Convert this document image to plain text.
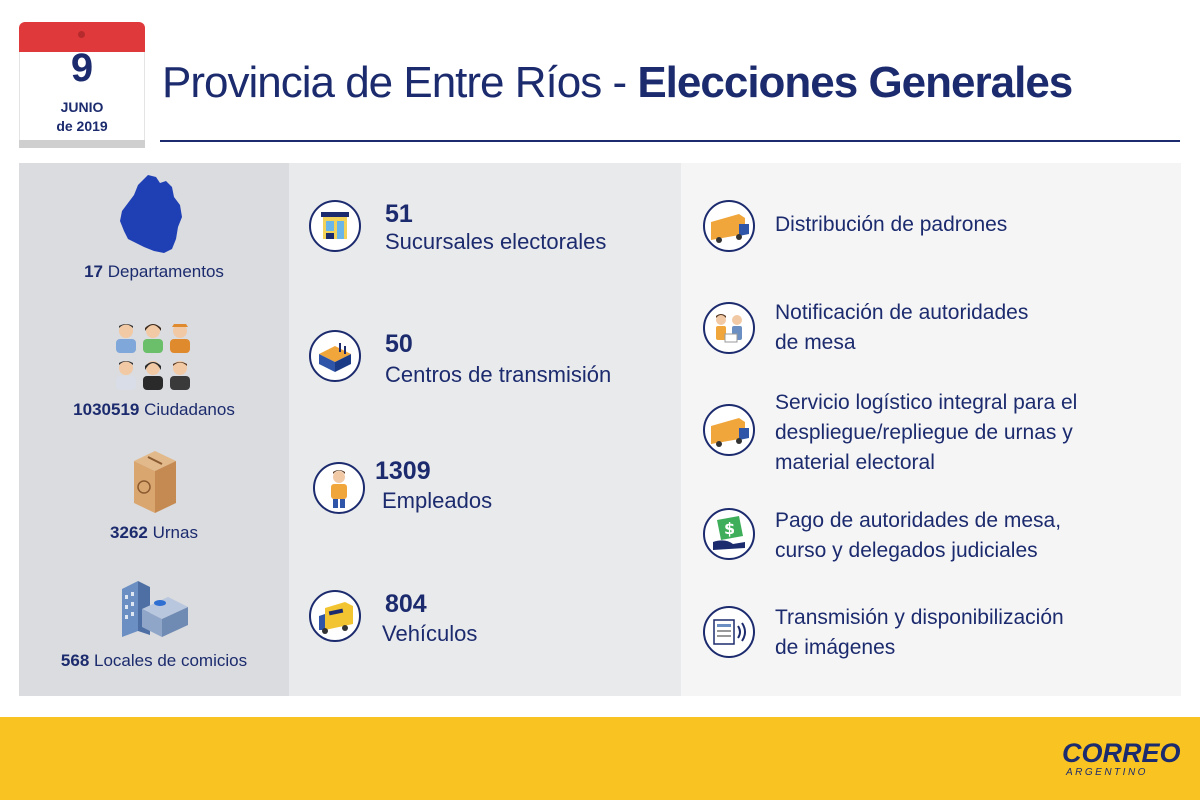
9
JUNIO
de 2019
Provincia de Entre Ríos - Elecciones Generales
17 Departamentos
1030519 Ciudadanos
3262 Urnas
568 Locales de comicios
51
Sucursales electorales
50
Centros de transmisión
1309
Empleados
804
Vehículos
Distribución de padrones
Notificación de autoridades
de mesa
Servicio logístico integral para el
despliegue/repliegue de urnas y
material electoral
$ Pago de autoridades de mesa,
curso y delegados judiciales
Transmisión y disponibilización
de imágenes
CORREO
ARGENTINO
